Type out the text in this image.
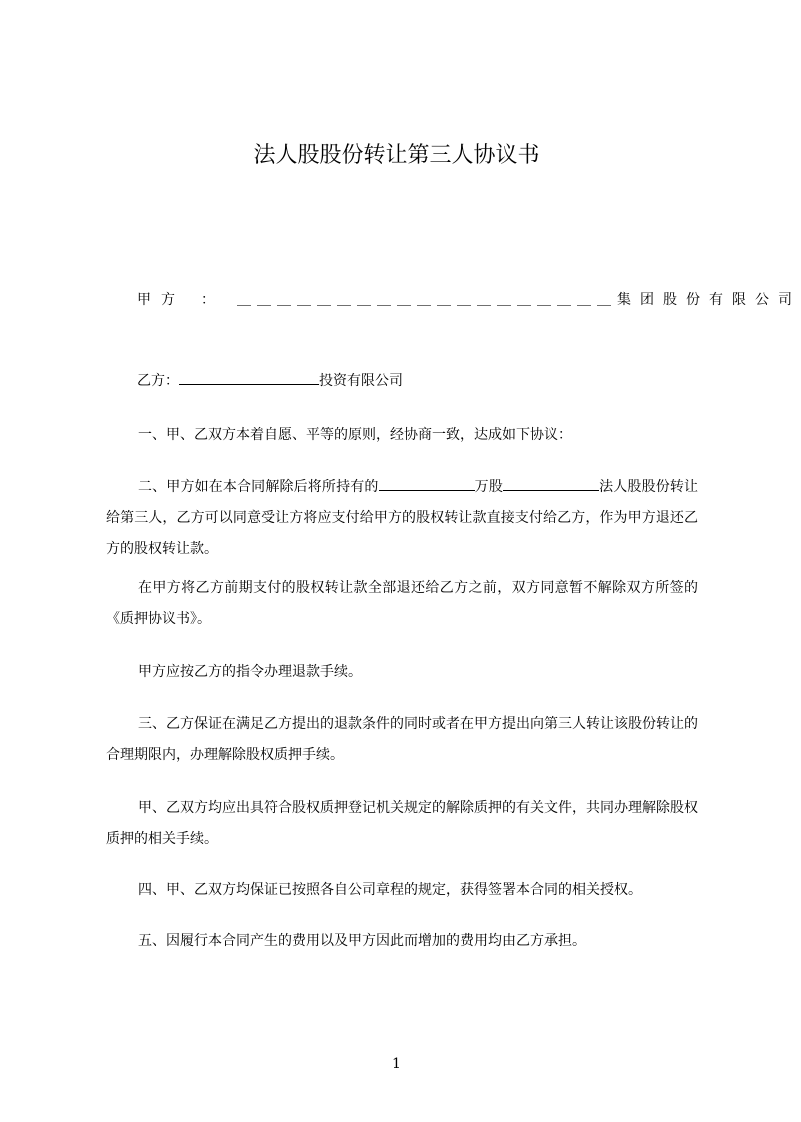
法人股股份转让第三人协议书
甲方 ： ＿＿＿＿＿＿＿＿＿＿＿＿＿＿＿＿＿＿＿ 集团股份有限公司
乙方：	投资有限公司

一、甲、乙双方本着自愿、平等的原则，经协商一致，达成如下协议：

二、甲方如在本合同解除后将所持有的	万股	法人股股份转让给第三人，乙方可以同意受让方将应支付给甲方的股权转让款直接支付给乙方，作为甲方退还乙方的股权转让款。

在甲方将乙方前期支付的股权转让款全部退还给乙方之前，双方同意暂不解除双方所签的《质押协议书》。

甲方应按乙方的指令办理退款手续。

三、乙方保证在满足乙方提出的退款条件的同时或者在甲方提出向第三人转让该股份转让的合理期限内，办理解除股权质押手续。

甲、乙双方均应出具符合股权质押登记机关规定的解除质押的有关文件，共同办理解除股权质押的相关手续。

四、甲、乙双方均保证已按照各自公司章程的规定，获得签署本合同的相关授权。

五、因履行本合同产生的费用以及甲方因此而增加的费用均由乙方承担。

1
